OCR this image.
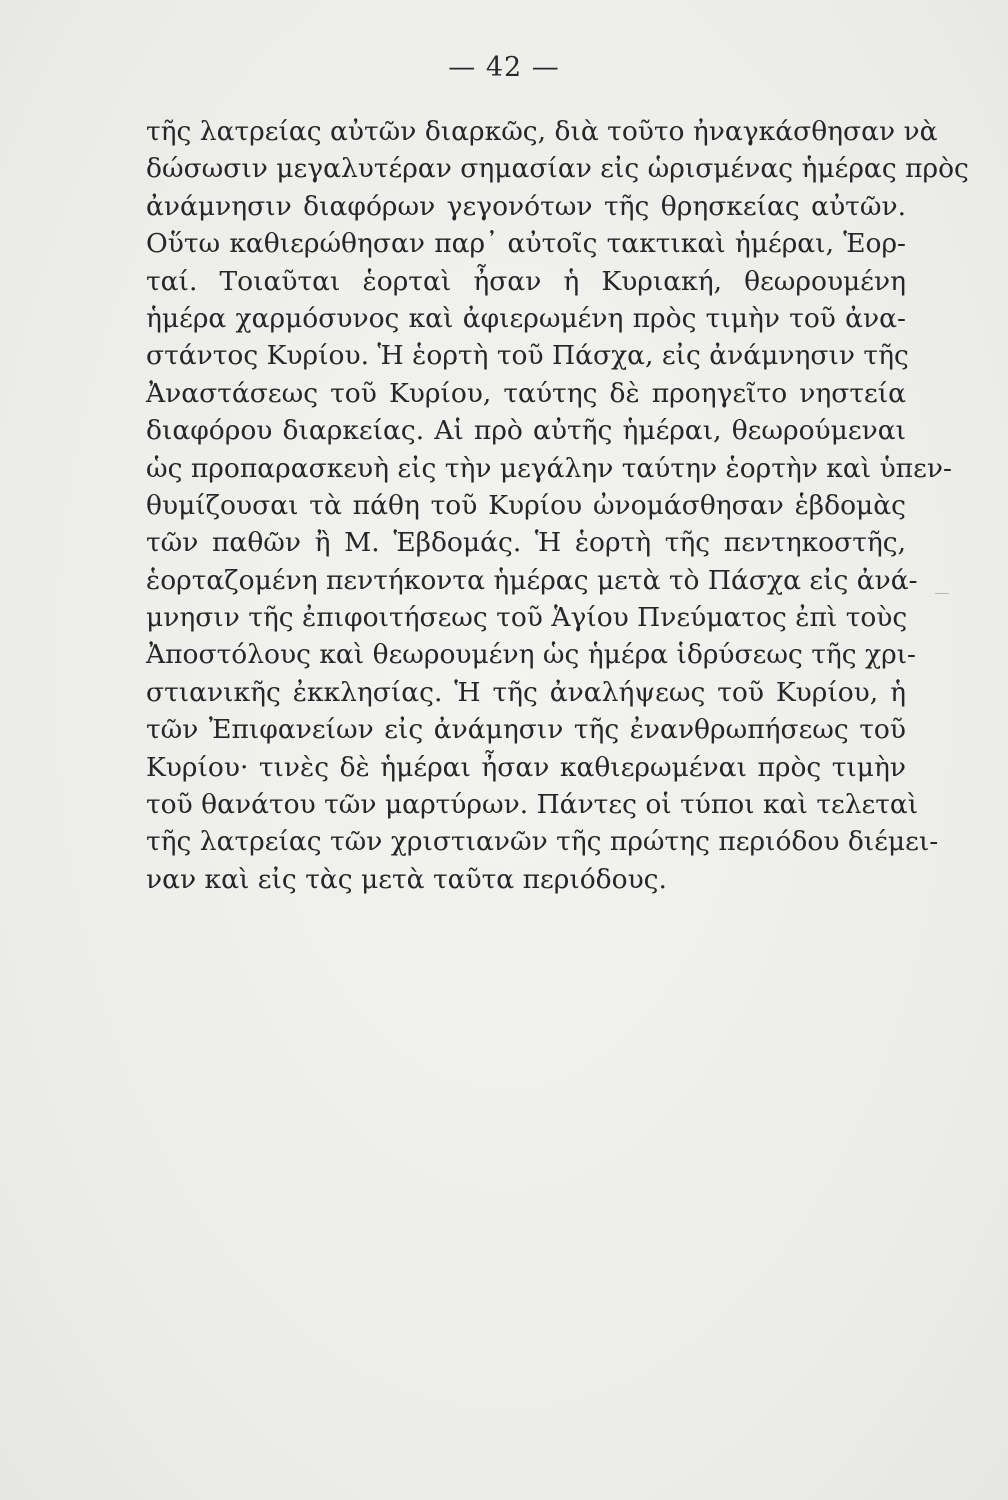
— 42 —
τῆς λατρείας αὐτῶν διαρκῶς, διὰ τοῦτο ἠναγκάσθησαν νὰ
δώσωσιν μεγαλυτέραν σημασίαν εἰς ὡρισμένας ἡμέρας πρὸς
ἀνάμνησιν διαφόρων γεγονότων τῆς θρησκείας αὐτῶν.
Οὕτω καθιερώθησαν παρ᾽ αὐτοῖς τακτικαὶ ἡμέραι, Ἑορ-
ταί. Τοιαῦται ἑορταὶ ἦσαν ἡ Κυριακή, θεωρουμένη
ἡμέρα χαρμόσυνος καὶ ἀφιερωμένη πρὸς τιμὴν τοῦ ἀνα-
στάντος Κυρίου. Ἡ ἑορτὴ τοῦ Πάσχα, εἰς ἀνάμνησιν τῆς
Ἀναστάσεως τοῦ Κυρίου, ταύτης δὲ προηγεῖτο νηστεία
διαφόρου διαρκείας. Αἱ πρὸ αὐτῆς ἡμέραι, θεωρούμεναι
ὡς προπαρασκευὴ εἰς τὴν μεγάλην ταύτην ἑορτὴν καὶ ὑπεν-
θυμίζουσαι τὰ πάθη τοῦ Κυρίου ὠνομάσθησαν ἑβδομὰς
τῶν παθῶν ἢ Μ. Ἑβδομάς. Ἡ ἑορτὴ τῆς πεντηκοστῆς,
ἑορταζομένη πεντήκοντα ἡμέρας μετὰ τὸ Πάσχα εἰς ἀνά-
μνησιν τῆς ἐπιφοιτήσεως τοῦ Ἁγίου Πνεύματος ἐπὶ τοὺς
Ἀποστόλους καὶ θεωρουμένη ὡς ἡμέρα ἱδρύσεως τῆς χρι-
στιανικῆς ἐκκλησίας. Ἡ τῆς ἀναλήψεως τοῦ Κυρίου, ἡ
τῶν Ἐπιφανείων εἰς ἀνάμησιν τῆς ἐνανθρωπήσεως τοῦ
Κυρίου· τινὲς δὲ ἡμέραι ἦσαν καθιερωμέναι πρὸς τιμὴν
τοῦ θανάτου τῶν μαρτύρων. Πάντες οἱ τύποι καὶ τελεταὶ
τῆς λατρείας τῶν χριστιανῶν τῆς πρώτης περιόδου διέμει-
ναν καὶ εἰς τὰς μετὰ ταῦτα περιόδους.
